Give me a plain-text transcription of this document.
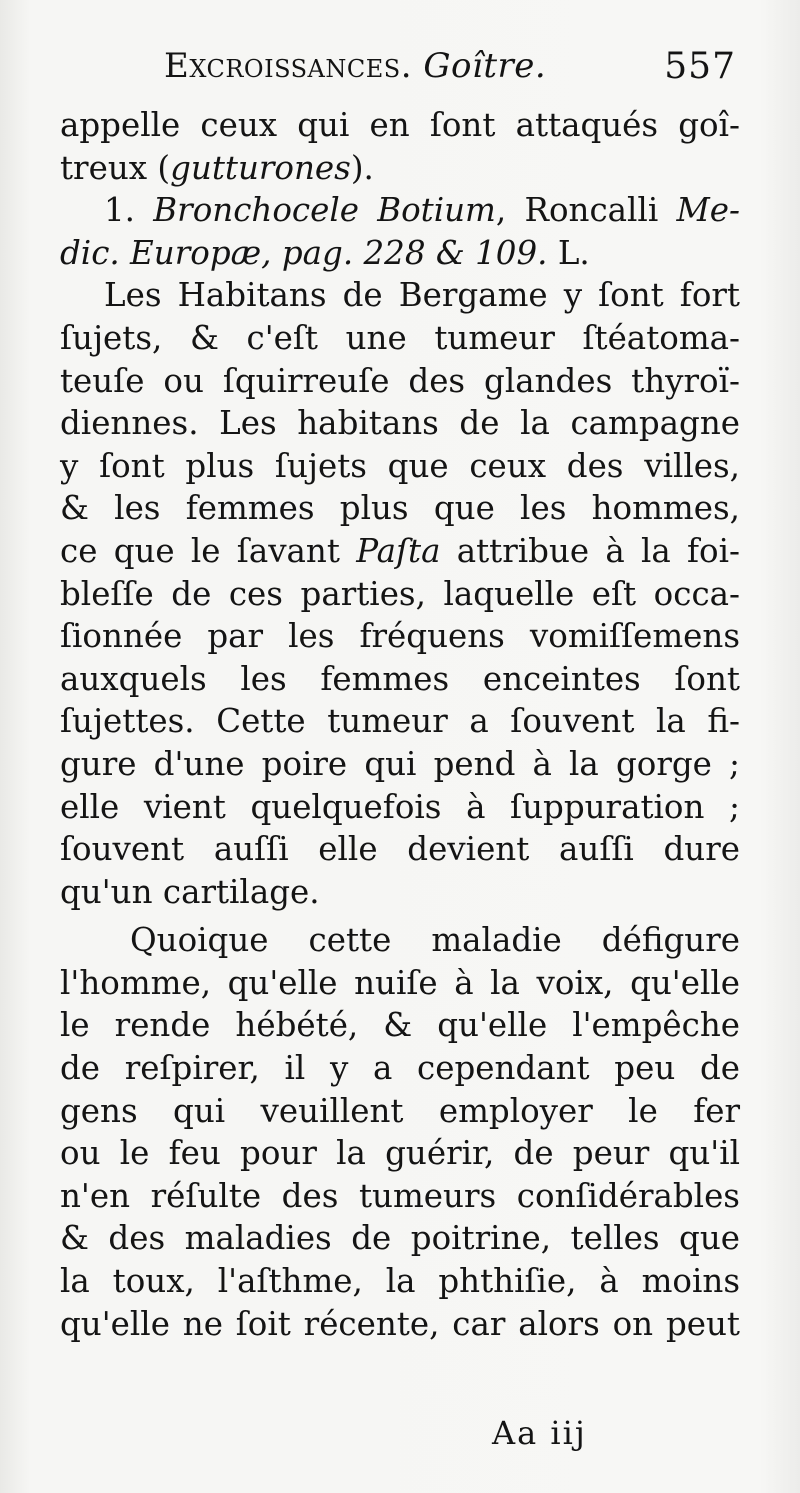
Excroissances. Goître.	557
appelle ceux qui en ſont attaqués goî-
treux (gutturones).
1. Bronchocele Botium, Roncalli Me-
dic. Europæ, pag. 228 & 109. L.
Les Habitans de Bergame y ſont fort
ſujets, & c'eſt une tumeur ſtéatoma-
teuſe ou ſquirreuſe des glandes thyroï-
diennes. Les habitans de la campagne
y ſont plus ſujets que ceux des villes,
& les femmes plus que les hommes,
ce que le ſavant Paſta attribue à la foi-
bleſſe de ces parties, laquelle eſt occa-
ſionnée par les fréquens vomiſſemens
auxquels les femmes enceintes ſont
ſujettes. Cette tumeur a ſouvent la fi-
gure d'une poire qui pend à la gorge ;
elle vient quelquefois à ſuppuration ;
ſouvent auſſi elle devient auſſi dure
qu'un cartilage.
Quoique cette maladie défigure
l'homme, qu'elle nuiſe à la voix, qu'elle
le rende hébété, & qu'elle l'empêche
de reſpirer, il y a cependant peu de
gens qui veuillent employer le fer
ou le feu pour la guérir, de peur qu'il
n'en réſulte des tumeurs conſidérables
& des maladies de poitrine, telles que
la toux, l'aſthme, la phthiſie, à moins
qu'elle ne ſoit récente, car alors on peut
Aa iij
